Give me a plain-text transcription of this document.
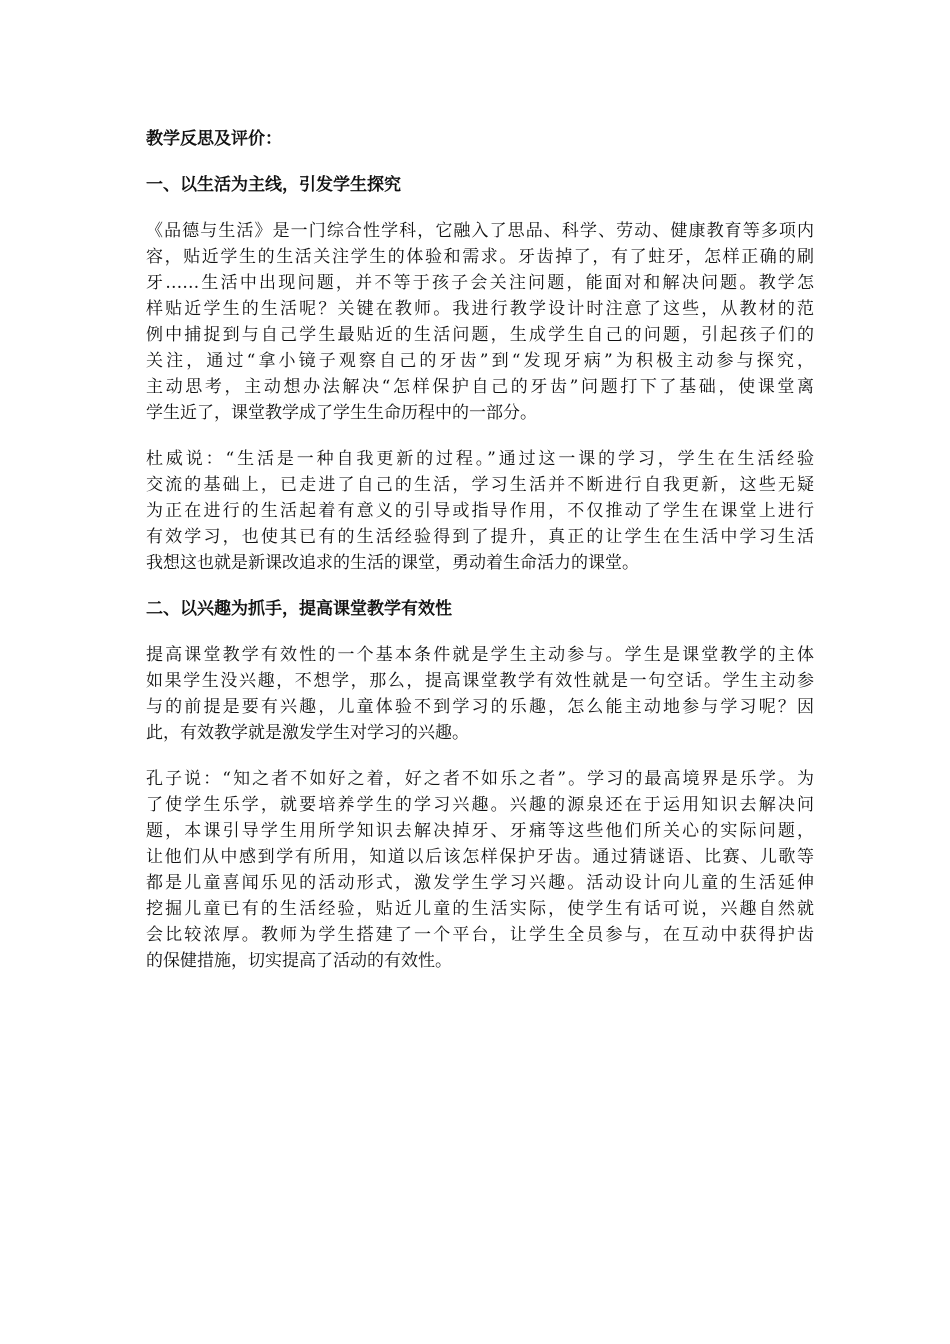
教学反思及评价：
一、以生活为主线，引发学生探究
《品德与生活》是一门综合性学科，它融入了思品、科学、劳动、健康教育等多项内
容，贴近学生的生活关注学生的体验和需求。牙齿掉了，有了蛀牙，怎样正确的刷
牙……生活中出现问题，并不等于孩子会关注问题，能面对和解决问题。教学怎
样贴近学生的生活呢？关键在教师。我进行教学设计时注意了这些，从教材的范
例中捕捉到与自己学生最贴近的生活问题，生成学生自己的问题，引起孩子们的
关注，通过“拿小镜子观察自己的牙齿”到“发现牙病”为积极主动参与探究，
主动思考，主动想办法解决“怎样保护自己的牙齿”问题打下了基础，使课堂离
学生近了，课堂教学成了学生生命历程中的一部分。
杜威说：“生活是一种自我更新的过程。”通过这一课的学习，学生在生活经验
交流的基础上，已走进了自己的生活，学习生活并不断进行自我更新，这些无疑
为正在进行的生活起着有意义的引导或指导作用，不仅推动了学生在课堂上进行
有效学习，也使其已有的生活经验得到了提升，真正的让学生在生活中学习生活
我想这也就是新课改追求的生活的课堂，勇动着生命活力的课堂。
二、以兴趣为抓手，提高课堂教学有效性
提高课堂教学有效性的一个基本条件就是学生主动参与。学生是课堂教学的主体
如果学生没兴趣，不想学，那么，提高课堂教学有效性就是一句空话。学生主动参
与的前提是要有兴趣，儿童体验不到学习的乐趣，怎么能主动地参与学习呢？因
此，有效教学就是激发学生对学习的兴趣。
孔子说：“知之者不如好之着，好之者不如乐之者”。学习的最高境界是乐学。为
了使学生乐学，就要培养学生的学习兴趣。兴趣的源泉还在于运用知识去解决问
题，本课引导学生用所学知识去解决掉牙、牙痛等这些他们所关心的实际问题，
让他们从中感到学有所用，知道以后该怎样保护牙齿。通过猜谜语、比赛、儿歌等
都是儿童喜闻乐见的活动形式，激发学生学习兴趣。活动设计向儿童的生活延伸
挖掘儿童已有的生活经验，贴近儿童的生活实际，使学生有话可说，兴趣自然就
会比较浓厚。教师为学生搭建了一个平台，让学生全员参与，在互动中获得护齿
的保健措施，切实提高了活动的有效性。
